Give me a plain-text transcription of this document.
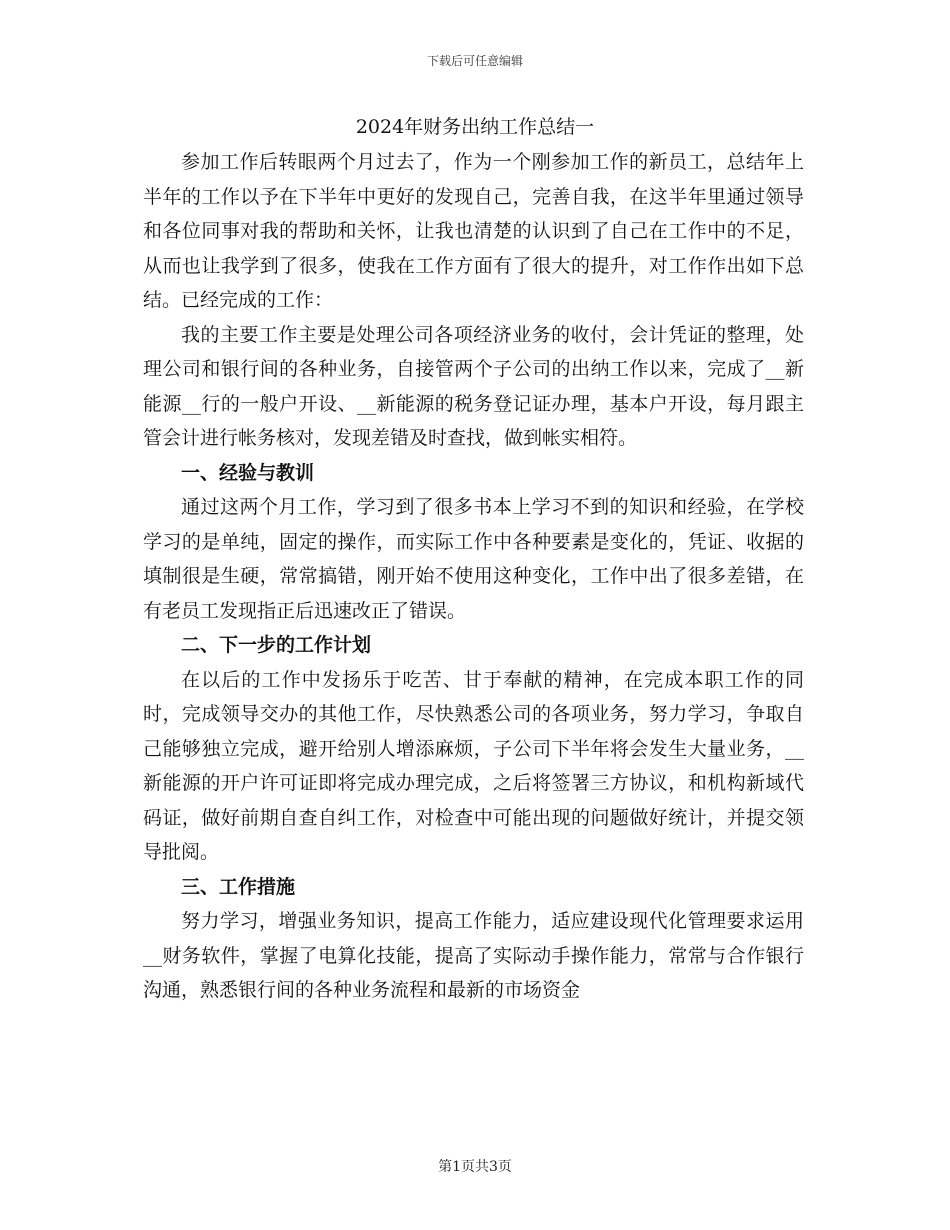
下载后可任意编辑
2024年财务出纳工作总结一

参加工作后转眼两个月过去了，作为一个刚参加工作的新员工，总结年上半年的工作以予在下半年中更好的发现自己，完善自我，在这半年里通过领导和各位同事对我的帮助和关怀，让我也清楚的认识到了自己在工作中的不足，从而也让我学到了很多，使我在工作方面有了很大的提升，对工作作出如下总结。已经完成的工作：

我的主要工作主要是处理公司各项经济业务的收付，会计凭证的整理，处理公司和银行间的各种业务，自接管两个子公司的出纳工作以来，完成了__新能源__行的一般户开设、__新能源的税务登记证办理，基本户开设，每月跟主管会计进行帐务核对，发现差错及时查找，做到帐实相符。

一、经验与教训

通过这两个月工作，学习到了很多书本上学习不到的知识和经验，在学校学习的是单纯，固定的操作，而实际工作中各种要素是变化的，凭证、收据的填制很是生硬，常常搞错，刚开始不使用这种变化，工作中出了很多差错，在有老员工发现指正后迅速改正了错误。

二、下一步的工作计划

在以后的工作中发扬乐于吃苦、甘于奉献的精神，在完成本职工作的同时，完成领导交办的其他工作，尽快熟悉公司的各项业务，努力学习，争取自己能够独立完成，避开给别人增添麻烦，子公司下半年将会发生大量业务，__新能源的开户许可证即将完成办理完成，之后将签署三方协议，和机构新域代码证，做好前期自查自纠工作，对检查中可能出现的问题做好统计，并提交领导批阅。

三、工作措施

努力学习，增强业务知识，提高工作能力，适应建设现代化管理要求运用__财务软件，掌握了电算化技能，提高了实际动手操作能力，常常与合作银行沟通，熟悉银行间的各种业务流程和最新的市场资金

第1页共3页
